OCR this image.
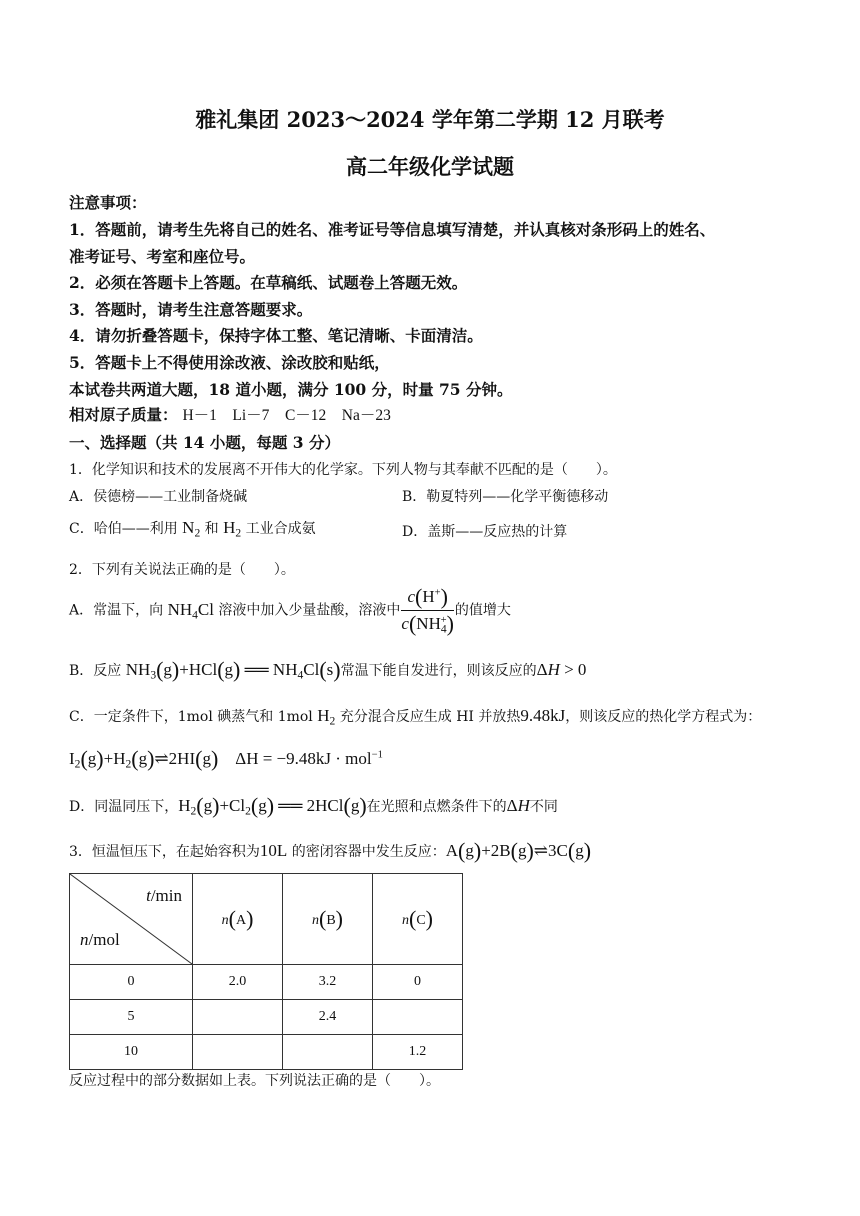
雅礼集团 2023～2024 学年第二学期 12 月联考
高二年级化学试题
注意事项：
1．答题前，请考生先将自己的姓名、准考证号等信息填写清楚，并认真核对条形码上的姓名、
准考证号、考室和座位号。
2．必须在答题卡上答题。在草稿纸、试题卷上答题无效。
3．答题时，请考生注意答题要求。
4．请勿折叠答题卡，保持字体工整、笔记清晰、卡面清洁。
5．答题卡上不得使用涂改液、涂改胶和贴纸，
本试卷共两道大题，18 道小题，满分 100 分，时量 75 分钟。
相对原子质量： H－1 Li－7 C－12 Na－23
一、选择题（共 14 小题，每题 3 分）
1．化学知识和技术的发展离不开伟大的化学家。下列人物与其奉献不匹配的是（　　）。
A．侯德榜——工业制备烧碱	B．勒夏特列——化学平衡德移动
C．哈伯——利用 $N_2$ 和 $H_2$ 工业合成氨	D．盖斯——反应热的计算
2．下列有关说法正确的是（　　）。
A．常温下，向 $NH_4Cl$ 溶液中加入少量盐酸，溶液中 $\frac{c(H^+)}{c(NH_4^+)}$ 的值增大
B．反应 $NH_3(g)+HCl(g)$ ══ $NH_4Cl(s)$常温下能自发进行，则该反应的ΔH > 0
C．一定条件下，1mol 碘蒸气和 1mol $H_2$ 充分混合反应生成 HI 并放热9.48kJ，则该反应的热化学方程式为：
$I_2(g)+H_2(g)\rightleftharpoons 2HI(g) \Delta H = -9.48kJ \cdot mol^{-1}$
D．同温同压下，$H_2(g)+Cl_2(g)$ ══ 2HCl(g)在光照和点燃条件下的ΔH不同
3．恒温恒压下，在起始容积为10L 的密闭容器中发生反应：A(g)+2B(g)⇌3C(g)
t/min
n/mol	n(A)	n(B)	n(C)
0	2.0	3.2	0
5		2.4	
10			1.2
反应过程中的部分数据如上表。下列说法正确的是（　　）。
